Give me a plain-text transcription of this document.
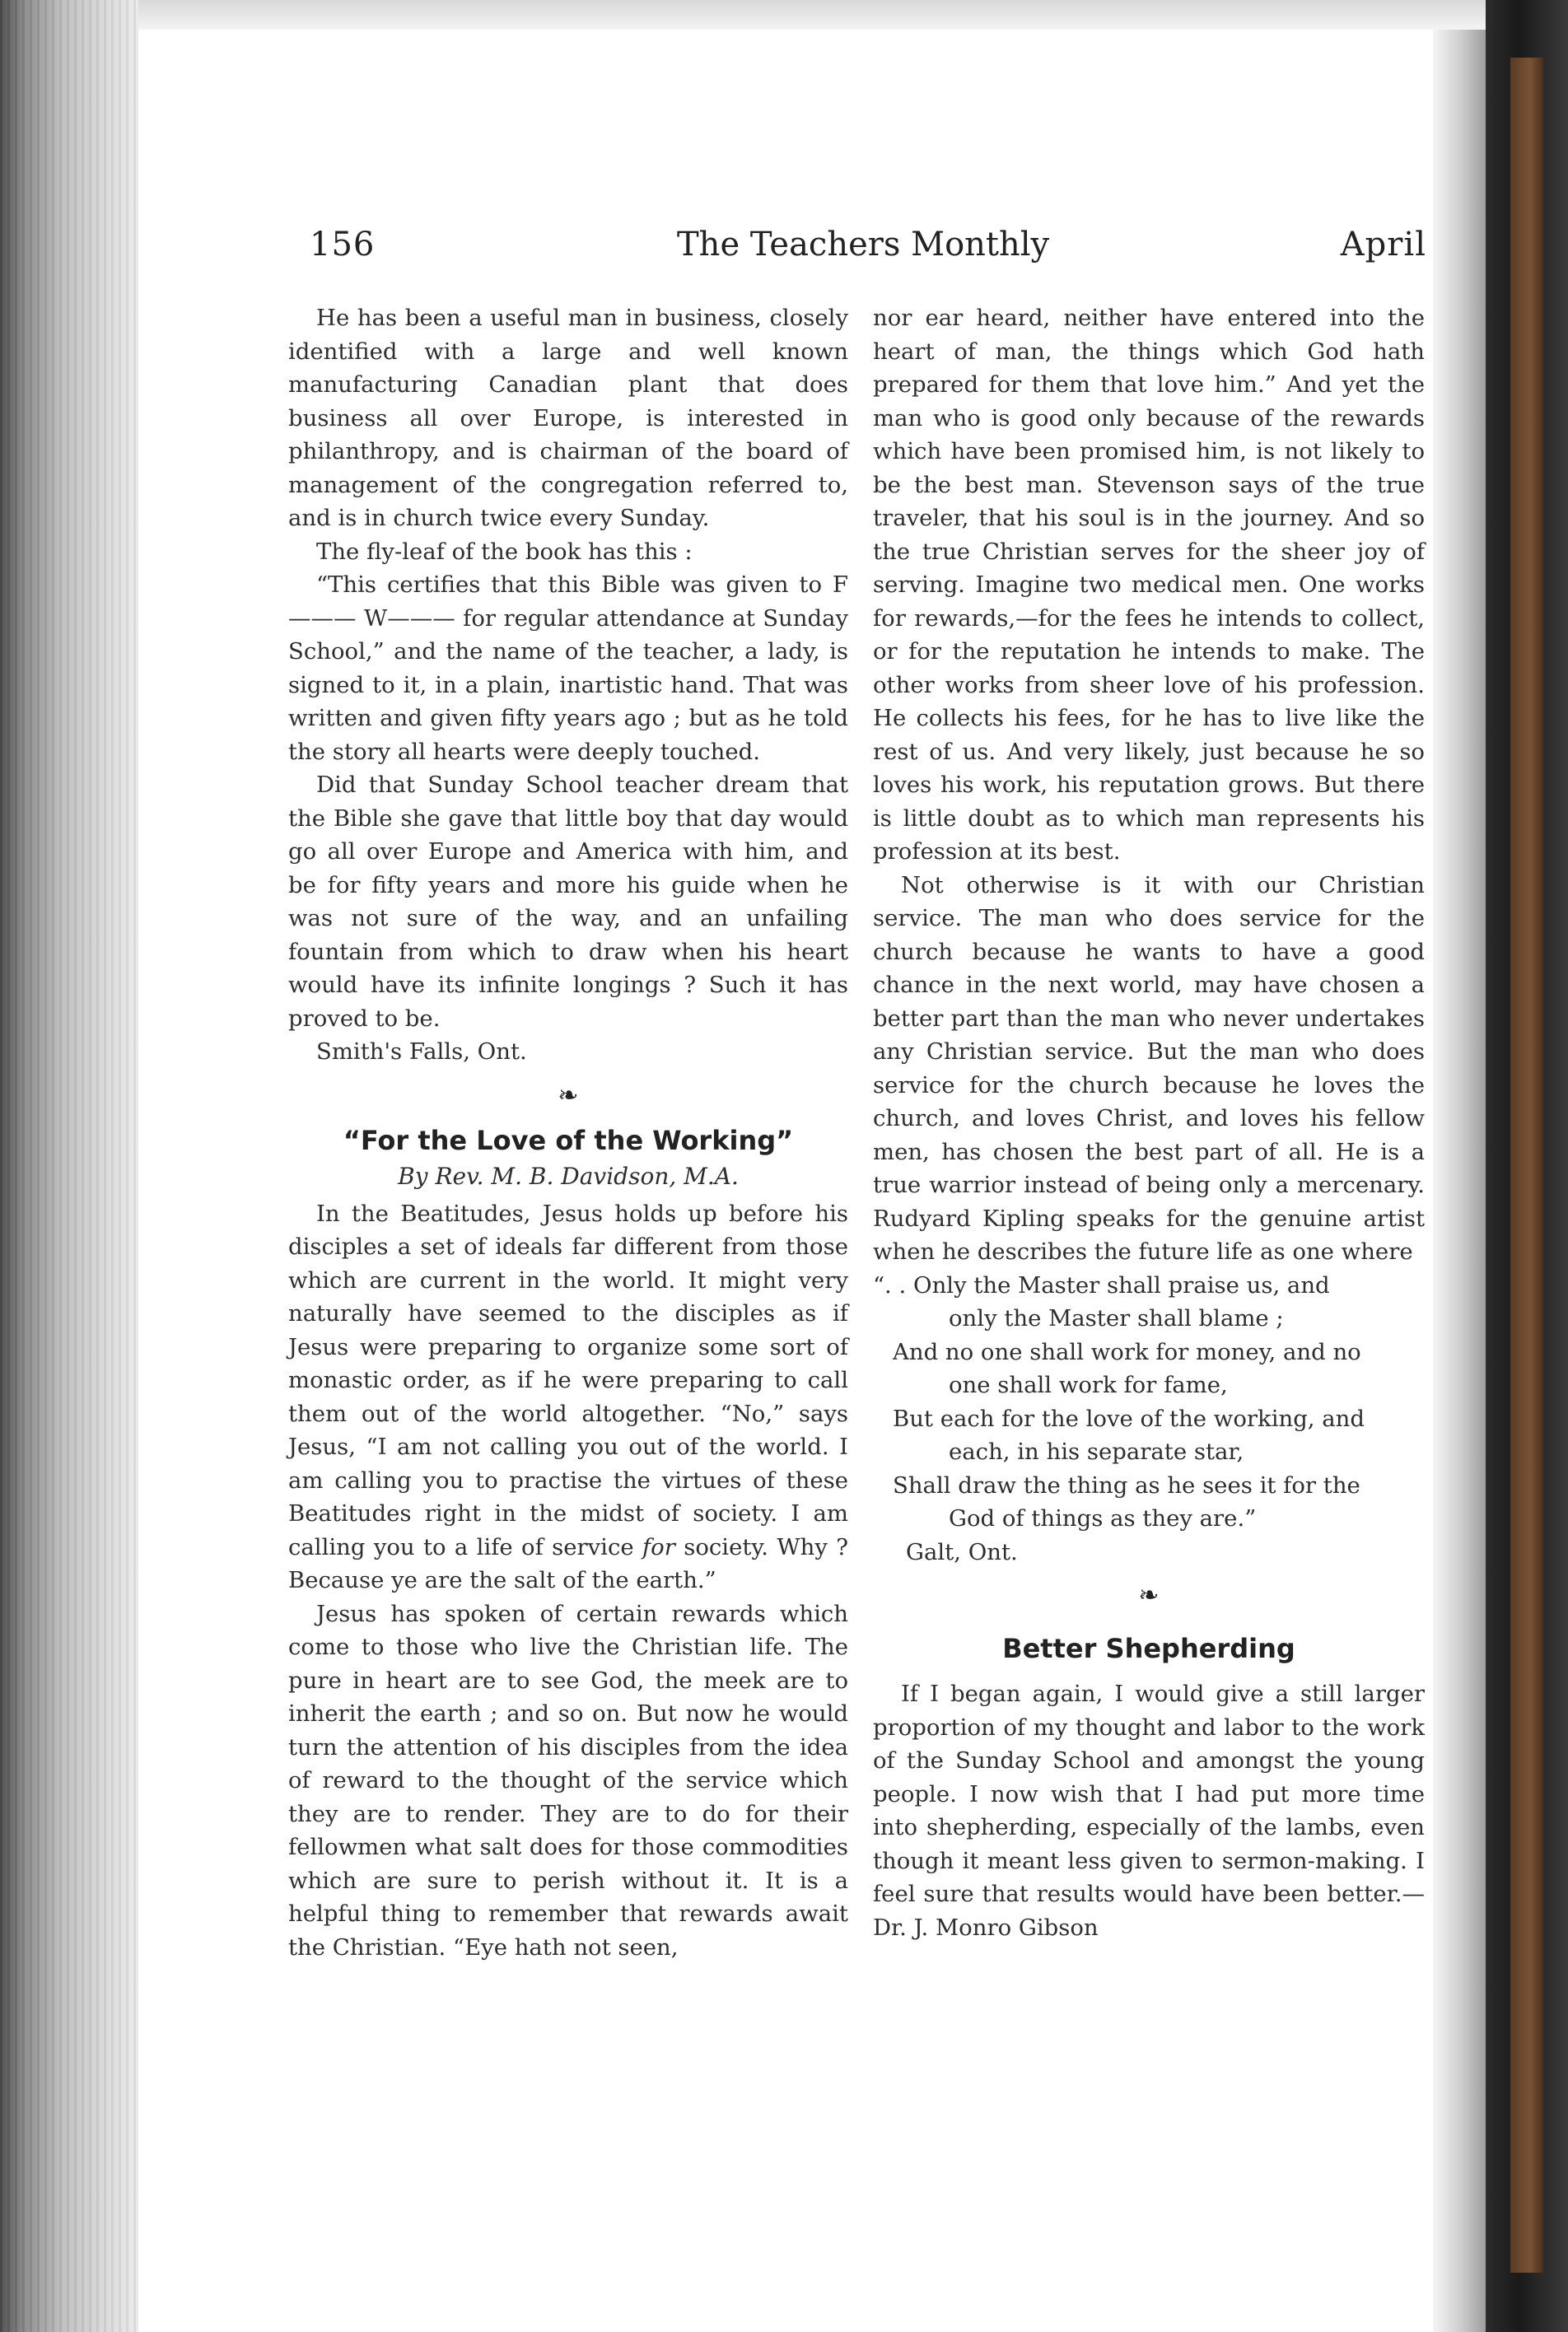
156	The Teachers Monthly	April

He has been a useful man in business, closely identified with a large and well known manufacturing Canadian plant that does business all over Europe, is interested in philanthropy, and is chairman of the board of management of the congregation referred to, and is in church twice every Sunday.

The fly-leaf of the book has this :

“This certifies that this Bible was given to F——— W——— for regular attendance at Sunday School,” and the name of the teacher, a lady, is signed to it, in a plain, inartistic hand. That was written and given fifty years ago ; but as he told the story all hearts were deeply touched.

Did that Sunday School teacher dream that the Bible she gave that little boy that day would go all over Europe and America with him, and be for fifty years and more his guide when he was not sure of the way, and an unfailing fountain from which to draw when his heart would have its infinite longings ? Such it has proved to be.

Smith's Falls, Ont.

❧
“For the Love of the Working”
By Rev. M. B. Davidson, M.A.

In the Beatitudes, Jesus holds up before his disciples a set of ideals far different from those which are current in the world. It might very naturally have seemed to the disciples as if Jesus were preparing to organize some sort of monastic order, as if he were preparing to call them out of the world altogether. “No,” says Jesus, “I am not calling you out of the world. I am calling you to practise the virtues of these Beatitudes right in the midst of society. I am calling you to a life of service for society. Why ? Because ye are the salt of the earth.”

Jesus has spoken of certain rewards which come to those who live the Christian life. The pure in heart are to see God, the meek are to inherit the earth ; and so on. But now he would turn the attention of his disciples from the idea of reward to the thought of the service which they are to render. They are to do for their fellowmen what salt does for those commodities which are sure to perish without it. It is a helpful thing to remember that rewards await the Christian. “Eye hath not seen,

nor ear heard, neither have entered into the heart of man, the things which God hath prepared for them that love him.” And yet the man who is good only because of the rewards which have been promised him, is not likely to be the best man. Stevenson says of the true traveler, that his soul is in the journey. And so the true Christian serves for the sheer joy of serving. Imagine two medical men. One works for rewards,—for the fees he intends to collect, or for the reputation he intends to make. The other works from sheer love of his profession. He collects his fees, for he has to live like the rest of us. And very likely, just because he so loves his work, his reputation grows. But there is little doubt as to which man represents his profession at its best.

Not otherwise is it with our Christian service. The man who does service for the church because he wants to have a good chance in the next world, may have chosen a better part than the man who never undertakes any Christian service. But the man who does service for the church because he loves the church, and loves Christ, and loves his fellow men, has chosen the best part of all. He is a true warrior instead of being only a mercenary. Rudyard Kipling speaks for the genuine artist when he describes the future life as one where

“. . Only the Master shall praise us, and

only the Master shall blame ;

And no one shall work for money, and no

one shall work for fame,

But each for the love of the working, and

each, in his separate star,

Shall draw the thing as he sees it for the

God of things as they are.”

Galt, Ont.

❧
Better Shepherding

If I began again, I would give a still larger proportion of my thought and labor to the work of the Sunday School and amongst the young people. I now wish that I had put more time into shepherding, especially of the lambs, even though it meant less given to sermon-making. I feel sure that results would have been better.—Dr. J. Monro Gibson
